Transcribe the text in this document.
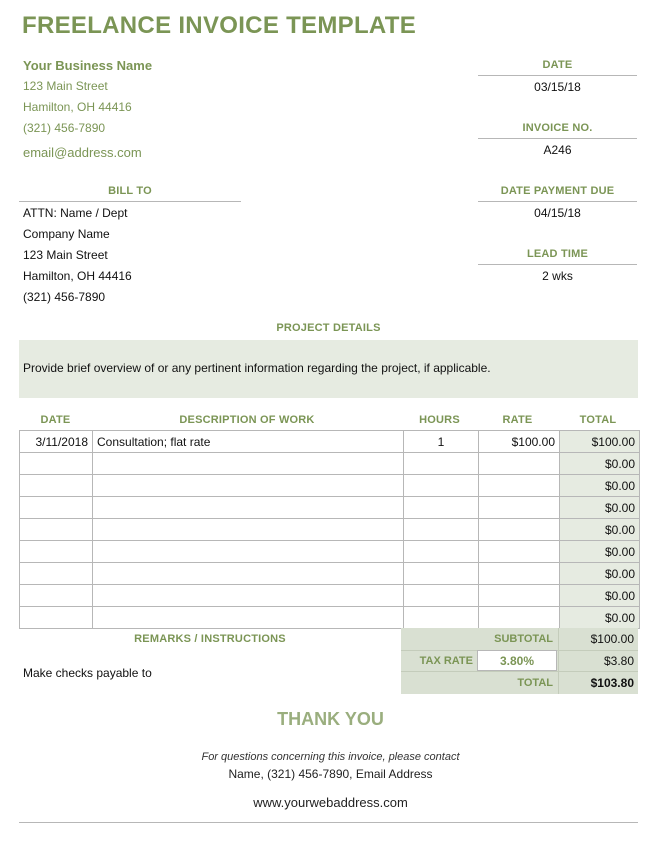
FREELANCE INVOICE TEMPLATE
Your Business Name
123 Main Street
Hamilton, OH 44416
(321) 456-7890
email@address.com
DATE
03/15/18
INVOICE NO.
A246
DATE PAYMENT DUE
04/15/18
LEAD TIME
2 wks
BILL TO
ATTN: Name / Dept
Company Name
123 Main Street
Hamilton, OH 44416
(321) 456-7890
PROJECT DETAILS
Provide brief overview of or any pertinent information regarding the project, if applicable.
DATE	DESCRIPTION OF WORK	HOURS	RATE	TOTAL
3/11/2018	Consultation; flat rate	1	$100.00	$100.00
				$0.00
				$0.00
				$0.00
				$0.00
				$0.00
				$0.00
				$0.00
				$0.00
REMARKS / INSTRUCTIONS
Make checks payable to
SUBTOTAL	$100.00
TAX RATE	3.80%	$3.80
TOTAL	$103.80
THANK YOU
For questions concerning this invoice, please contact
Name, (321) 456-7890, Email Address
www.yourwebaddress.com
